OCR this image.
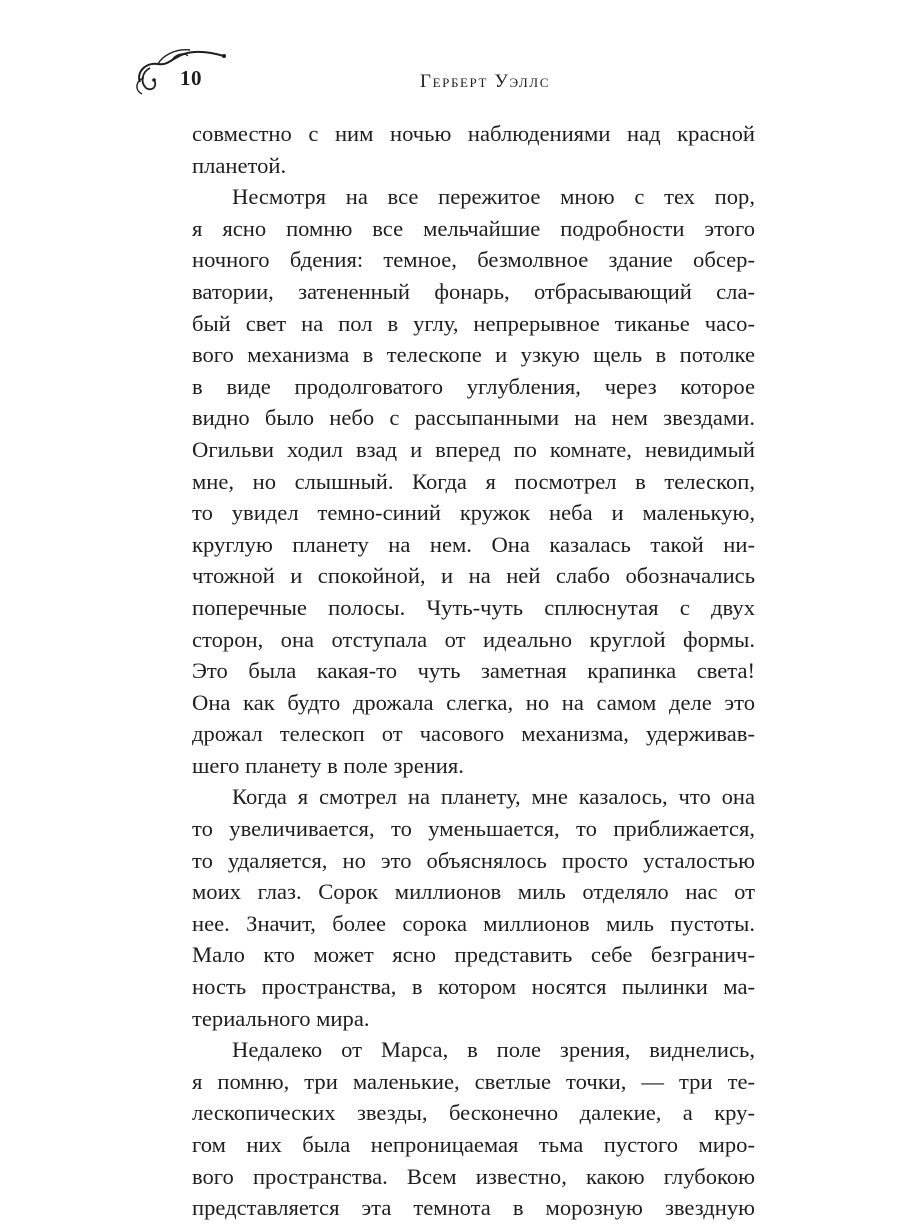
10	Герберт Уэллс
совместно с ним ночью наблюдениями над красной
планетой.
Несмотря на все пережитое мною с тех пор,
я ясно помню все мельчайшие подробности этого
ночного бдения: темное, безмолвное здание обсер-
ватории, затененный фонарь, отбрасывающий сла-
бый свет на пол в углу, непрерывное тиканье часо-
вого механизма в телескопе и узкую щель в потолке
в виде продолговатого углубления, через которое
видно было небо с рассыпанными на нем звездами.
Огильви ходил взад и вперед по комнате, невидимый
мне, но слышный. Когда я посмотрел в телескоп,
то увидел темно-синий кружок неба и маленькую,
круглую планету на нем. Она казалась такой ни-
чтожной и спокойной, и на ней слабо обозначались
поперечные полосы. Чуть-чуть сплюснутая с двух
сторон, она отступала от идеально круглой формы.
Это была какая-то чуть заметная крапинка света!
Она как будто дрожала слегка, но на самом деле это
дрожал телескоп от часового механизма, удерживав-
шего планету в поле зрения.
Когда я смотрел на планету, мне казалось, что она
то увеличивается, то уменьшается, то приближается,
то удаляется, но это объяснялось просто усталостью
моих глаз. Сорок миллионов миль отделяло нас от
нее. Значит, более сорока миллионов миль пустоты.
Мало кто может ясно представить себе безгранич-
ность пространства, в котором носятся пылинки ма-
териального мира.
Недалеко от Марса, в поле зрения, виднелись,
я помню, три маленькие, светлые точки, — три те-
лескопических звезды, бесконечно далекие, а кру-
гом них была непроницаемая тьма пустого миро-
вого пространства. Всем известно, какою глубокою
представляется эта темнота в морозную звездную
